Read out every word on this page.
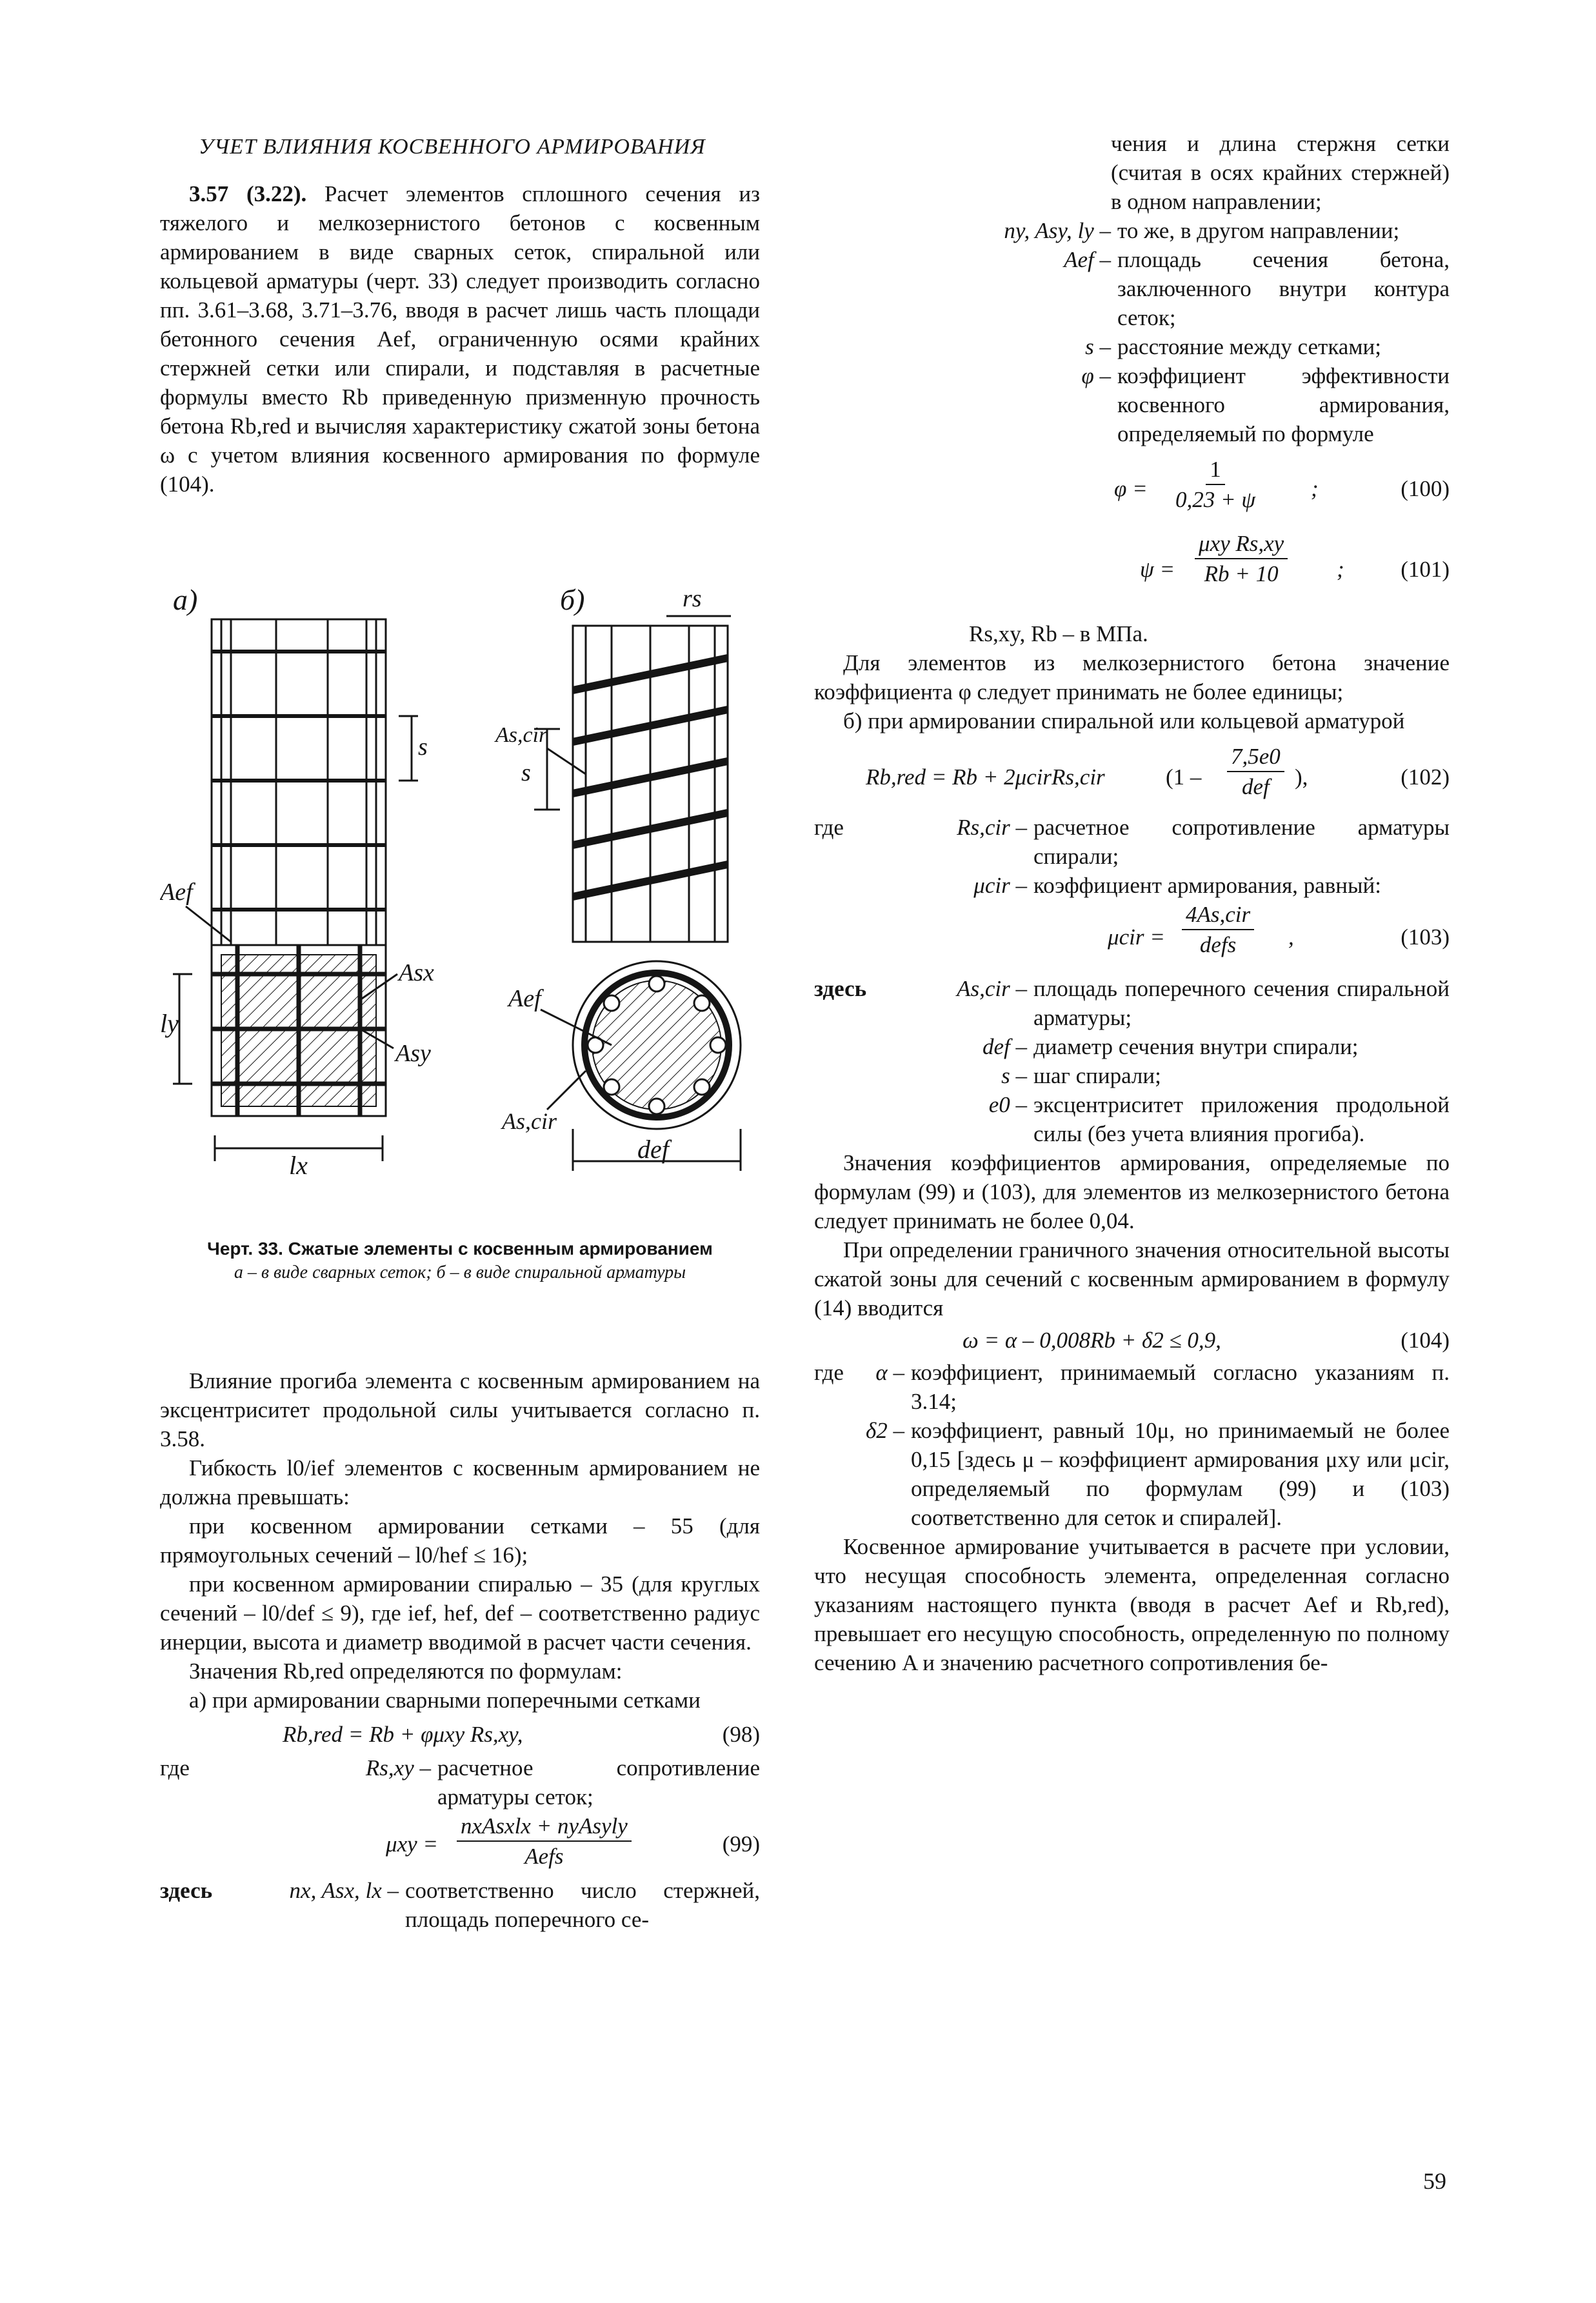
УЧЕТ ВЛИЯНИЯ КОСВЕННОГО АРМИРОВАНИЯ

3.57 (3.22). Расчет элементов сплошного сечения из тяжелого и мелкозернистого бетонов с косвенным армированием в виде сварных сеток, спиральной или кольцевой арматуры (черт. 33) следует производить согласно пп. 3.61–3.68, 3.71–3.76, вводя в расчет лишь часть площади бетонного сечения Aef, ограниченную осями крайних стержней сетки или спирали, и подставляя в расчетные формулы вместо Rb приведенную призменную прочность бетона Rb,red и вычисляя характеристику сжатой зоны бетона ω с учетом влияния косвенного армирования по формуле (104).

а)
s
Aef
Asx
Asy
ly
lx
б)	rs
As,cir
s
Aef
As,cir
def
Черт. 33. Сжатые элементы с косвенным армированием
а – в виде сварных сеток; б – в виде спиральной арматуры

Влияние прогиба элемента с косвенным армированием на эксцентриситет продольной силы учитывается согласно п. 3.58.

Гибкость l0/ief элементов с косвенным армированием не должна превышать:

при косвенном армировании сетками – 55 (для прямоугольных сечений – l0/hef ≤ 16);

при косвенном армировании спиралью – 35 (для круглых сечений – l0/def ≤ 9), где ief, hef, def – соответственно радиус инерции, высота и диаметр вводимой в расчет части сечения.

Значения Rb,red определяются по формулам:

а) при армировании сварными поперечными сетками

Rb,red = Rb + φμxy Rs,xy,	(98)
где	Rs,xy – расчетное сопротивление арматуры сеток;
μxy =
nxAsxlx + nyAsyly
Aefs	(99)
здесь	nx, Asx, lx – соответственно число стержней, площадь поперечного се-

чения и длина стержня сетки (считая в осях крайних стержней) в одном направлении;

ny, Asy, ly – то же, в другом направлении;
Aef – площадь сечения бетона, заключенного внутри контура сеток;
s – расстояние между сетками;
φ – коэффициент эффективности косвенного армирования, определяемый по формуле
$\varphi = \frac{1}{0,23 + \psi}$ ;	(100)
ψ =
μxy Rs,xy
Rb + 10	;	(101)
Rs,xy, Rb – в МПа.

Для элементов из мелкозернистого бетона значение коэффициента φ следует принимать не более единицы;

б) при армировании спиральной или кольцевой арматурой

Rb,red = Rb + 2μcirRs,cir	(1 –
7,5e0
def ),	(102)
где	Rs,cir – расчетное сопротивление арматуры спирали;
μcir – коэффициент армирования, равный:
μcir =
4As,cir
defs ,	(103)
здесь	As,cir – площадь поперечного сечения спиральной арматуры;
def – диаметр сечения внутри спирали;
s – шаг спирали;
e0 – эксцентриситет приложения продольной силы (без учета влияния прогиба).

Значения коэффициентов армирования, определяемые по формулам (99) и (103), для элементов из мелкозернистого бетона следует принимать не более 0,04.

При определении граничного значения относительной высоты сжатой зоны для сечений с косвенным армированием в формулу (14) вводится

ω = α – 0,008Rb + δ2 ≤ 0,9,	(104)
где	α – коэффициент, принимаемый согласно указаниям п. 3.14;
δ2 – коэффициент, равный 10μ, но принимаемый не более 0,15 [здесь μ – коэффициент армирования μxy или μcir, определяемый по формулам (99) и (103) соответственно для сеток и спиралей].

Косвенное армирование учитывается в расчете при условии, что несущая способность элемента, определенная согласно указаниям настоящего пункта (вводя в расчет Aef и Rb,red), превышает его несущую способность, определенную по полному сечению A и значению расчетного сопротивления бе-

59
